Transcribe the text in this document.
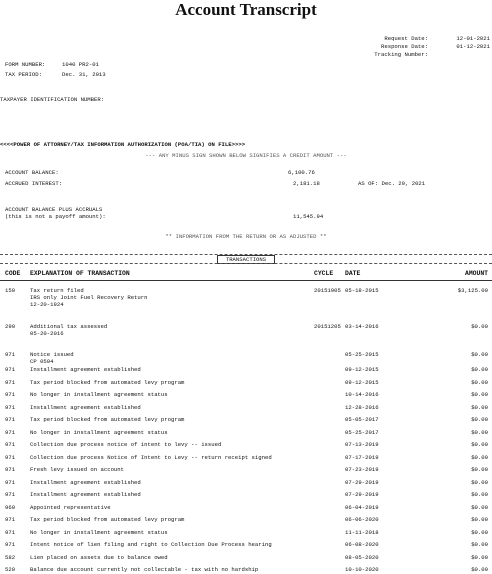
Account Transcript
Request Date:	12-01-2021
Response Date:	01-12-2021
Tracking Number:
FORM NUMBER:	1040 PR2-01
TAX PERIOD:	Dec. 31, 2013
TAXPAYER IDENTIFICATION NUMBER:
<<<<POWER OF ATTORNEY/TAX INFORMATION AUTHORIZATION (POA/TIA) ON FILE>>>>
--- ANY MINUS SIGN SHOWN BELOW SIGNIFIES A CREDIT AMOUNT ---
ACCOUNT BALANCE:	6,100.76
ACCRUED INTEREST:	2,181.18	AS OF: Dec. 20, 2021
ACCOUNT BALANCE PLUS ACCRUALS
(this is not a payoff amount):	11,545.94
** INFORMATION FROM THE RETURN OR AS ADJUSTED **
TRANSACTIONS
CODE EXPLANATION OF TRANSACTION	CYCLE DATE	AMOUNT
150	Tax return filed	20151905 05-18-2015	$3,125.00
IRS only Joint Fuel Recovery Return
12-20-1924
290	Additional tax assessed	20151205 03-14-2016	$0.00
05-20-2016
971	Notice issued	05-25-2015	$0.00
CP 0504
971	Installment agreement established	09-12-2015	$0.00
971	Tax period blocked from automated levy program	09-12-2015	$0.00
971	No longer in installment agreement status	10-14-2016	$0.00
971	Installment agreement established	12-28-2016	$0.00
971	Tax period blocked from automated levy program	05-05-2017	$0.00
971	No longer in installment agreement status	05-25-2017	$0.00
971	Collection due process notice of intent to levy -- issued	07-13-2019	$0.00
971	Collection due process Notice of Intent to Levy -- return receipt signed	07-17-2019	$0.00
971	Fresh levy issued on account	07-23-2019	$0.00
971	Installment agreement established	07-29-2019	$0.00
971	Installment agreement established	07-29-2019	$0.00
960	Appointed representative	06-04-2019	$0.00
971	Tax period blocked from automated levy program	06-06-2020	$0.00
971	No longer in installment agreement status	11-11-2018	$0.00
971	Intent notice of lien filing and right to Collection Due Process hearing	06-08-2020	$0.00
582	Lien placed on assets due to balance owed	08-05-2020	$0.00
520	Balance due account currently not collectable - tax with no hardship	10-10-2020	$0.00
